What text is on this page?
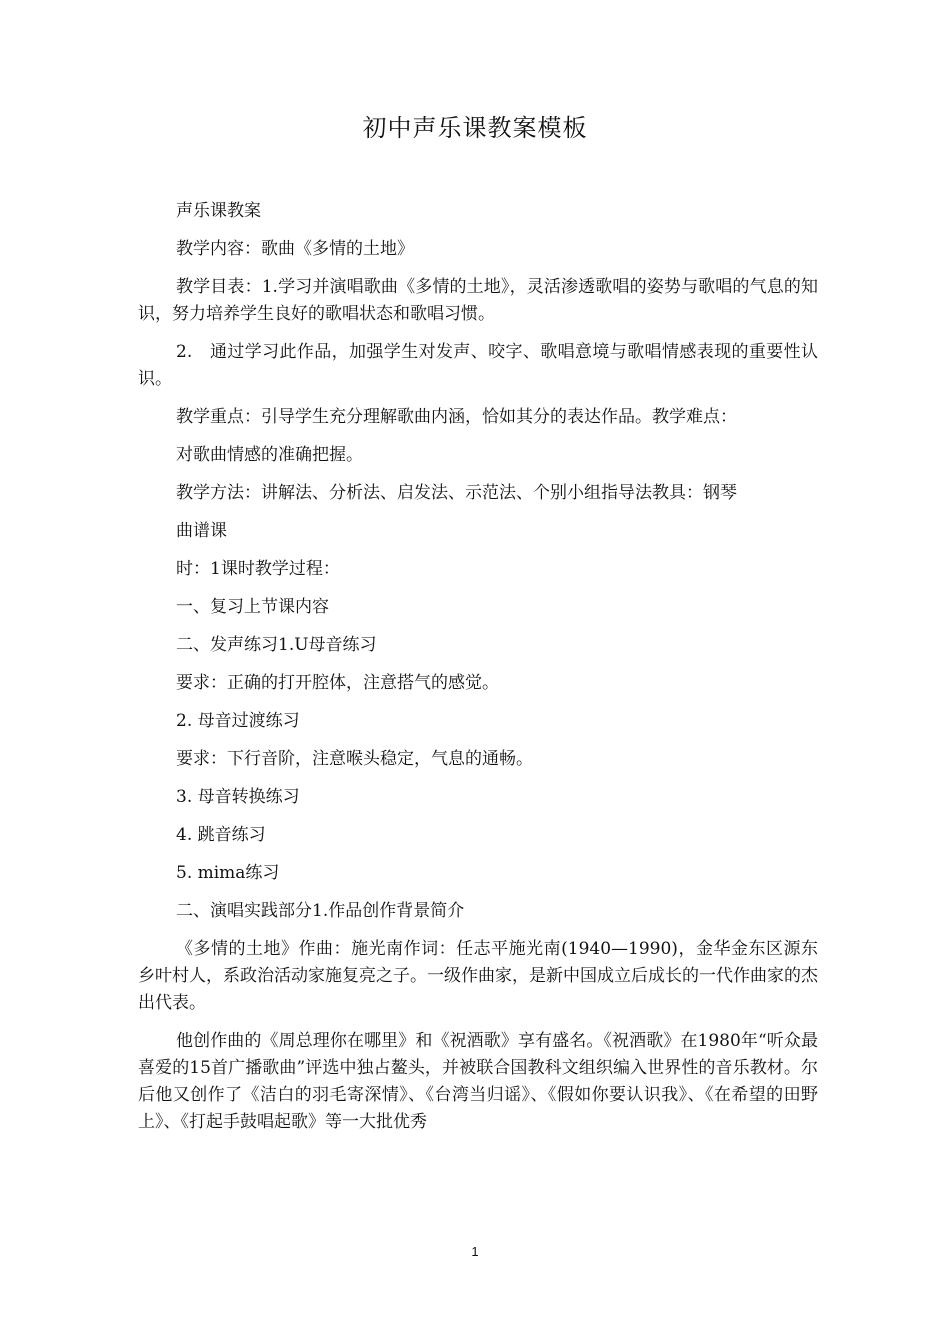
初中声乐课教案模板

声乐课教案

教学内容：歌曲《多情的土地》

教学目表：1.学习并演唱歌曲《多情的土地》，灵活渗透歌唱的姿势与歌唱的气息的知识，努力培养学生良好的歌唱状态和歌唱习惯。

2.　通过学习此作品，加强学生对发声、咬字、歌唱意境与歌唱情感表现的重要性认识。

教学重点：引导学生充分理解歌曲内涵，恰如其分的表达作品。教学难点：

对歌曲情感的准确把握。

教学方法：讲解法、分析法、启发法、示范法、个别小组指导法教具：钢琴

曲谱课

时：1课时教学过程：

一、复习上节课内容

二、发声练习1.U母音练习

要求：正确的打开腔体，注意搭气的感觉。

2. 母音过渡练习

要求：下行音阶，注意喉头稳定，气息的通畅。

3. 母音转换练习

4. 跳音练习

5. mima练习

二、演唱实践部分1.作品创作背景简介

《多情的土地》作曲：施光南作词：任志平施光南(1940—1990)，金华金东区源东乡叶村人，系政治活动家施复亮之子。一级作曲家，是新中国成立后成长的一代作曲家的杰出代表。

他创作曲的《周总理你在哪里》和《祝酒歌》享有盛名。《祝酒歌》在1980年“听众最喜爱的15首广播歌曲”评选中独占鳌头，并被联合国教科文组织编入世界性的音乐教材。尔后他又创作了《洁白的羽毛寄深情》、《台湾当归谣》、《假如你要认识我》、《在希望的田野上》、《打起手鼓唱起歌》等一大批优秀

1
